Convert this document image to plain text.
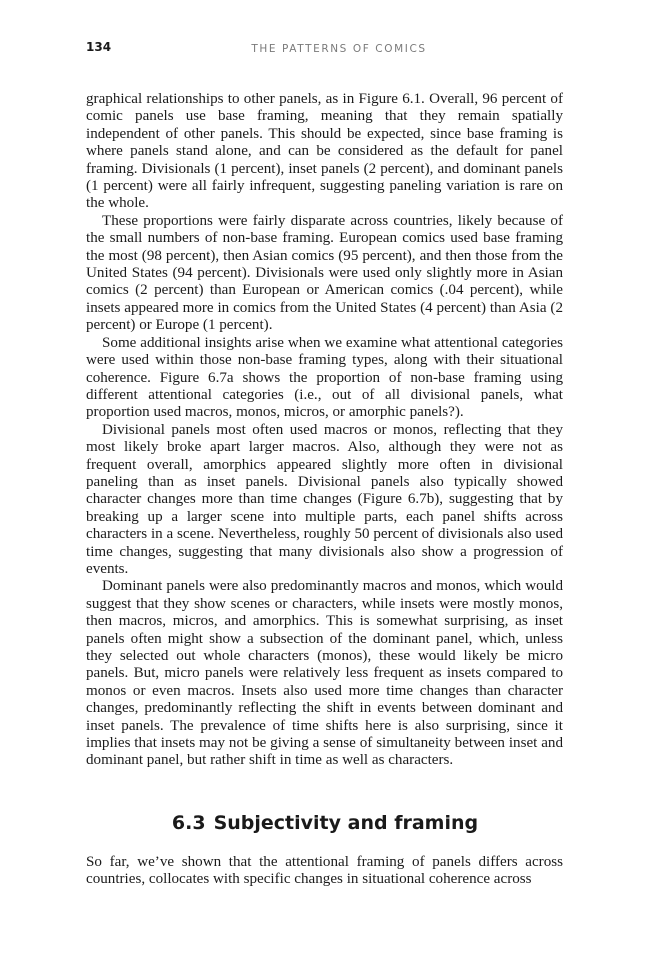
134	THE PATTERNS OF COMICS

graphical relationships to other panels, as in Figure 6.1. Overall, 96 percent of comic panels use base framing, meaning that they remain spatially independent of other panels. This should be expected, since base framing is where panels stand alone, and can be considered as the default for panel framing. Divisionals (1 percent), inset panels (2 percent), and dominant panels (1 percent) were all fairly infrequent, suggesting paneling variation is rare on the whole.

These proportions were fairly disparate across countries, likely because of the small numbers of non-base framing. European comics used base framing the most (98 percent), then Asian comics (95 percent), and then those from the United States (94 percent). Divisionals were used only slightly more in Asian comics (2 percent) than European or American comics (.04 percent), while insets appeared more in comics from the United States (4 percent) than Asia (2 percent) or Europe (1 percent).

Some additional insights arise when we examine what attentional categories were used within those non-base framing types, along with their situational coherence. Figure 6.7a shows the proportion of non-base framing using different attentional categories (i.e., out of all divisional panels, what proportion used macros, monos, micros, or amorphic panels?).

Divisional panels most often used macros or monos, reflecting that they most likely broke apart larger macros. Also, although they were not as frequent overall, amorphics appeared slightly more often in divisional paneling than as inset panels. Divisional panels also typically showed character changes more than time changes (Figure 6.7b), suggesting that by breaking up a larger scene into multiple parts, each panel shifts across characters in a scene. Nevertheless, roughly 50 percent of divisionals also used time changes, suggesting that many divisionals also show a progression of events.

Dominant panels were also predominantly macros and monos, which would suggest that they show scenes or characters, while insets were mostly monos, then macros, micros, and amorphics. This is somewhat surprising, as inset panels often might show a subsection of the dominant panel, which, unless they selected out whole characters (monos), these would likely be micro panels. But, micro panels were relatively less frequent as insets compared to monos or even macros. Insets also used more time changes than character changes, predominantly reflecting the shift in events between dominant and inset panels. The prevalence of time shifts here is also surprising, since it implies that insets may not be giving a sense of simultaneity between inset and dominant panel, but rather shift in time as well as characters.

6.3 Subjectivity and framing

So far, we’ve shown that the attentional framing of panels differs across countries, collocates with specific changes in situational coherence across
